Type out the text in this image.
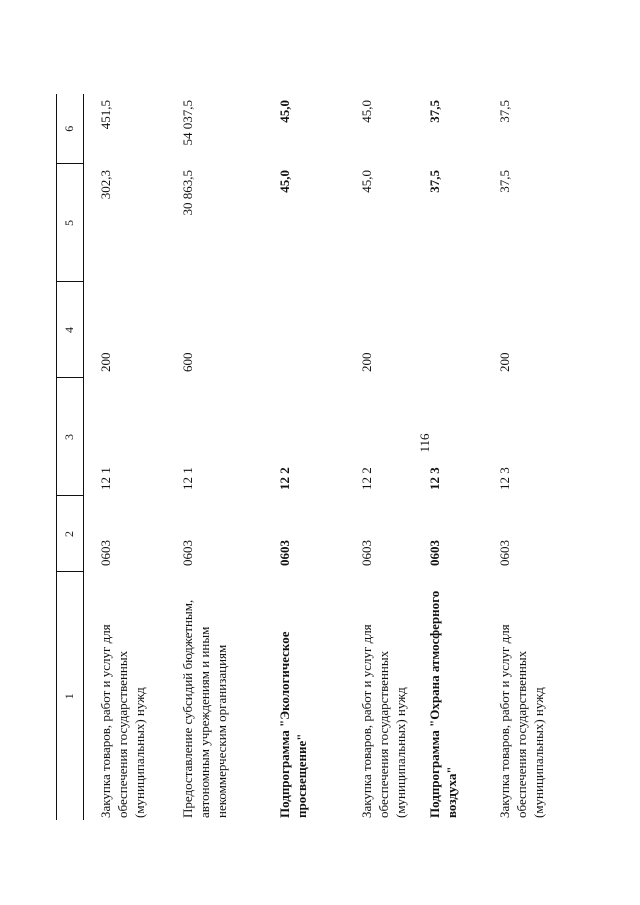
116
1	2	3	4	5	6
Закупка товаров, работ и услуг для обеспечения государственных (муниципальных) нужд	0603	12 1	200	302,3	451,5
Предоставление субсидий бюджетным, автономным учреждениям и иным некоммерческим организациям	0603	12 1	600	30 863,5	54 037,5
Подпрограмма "Экологическое просвещение"	0603	12 2		45,0	45,0
Закупка товаров, работ и услуг для обеспечения государственных (муниципальных) нужд	0603	12 2	200	45,0	45,0
Подпрограмма "Охрана атмосферного воздуха"	0603	12 3		37,5	37,5
Закупка товаров, работ и услуг для обеспечения государственных (муниципальных) нужд	0603	12 3	200	37,5	37,5
